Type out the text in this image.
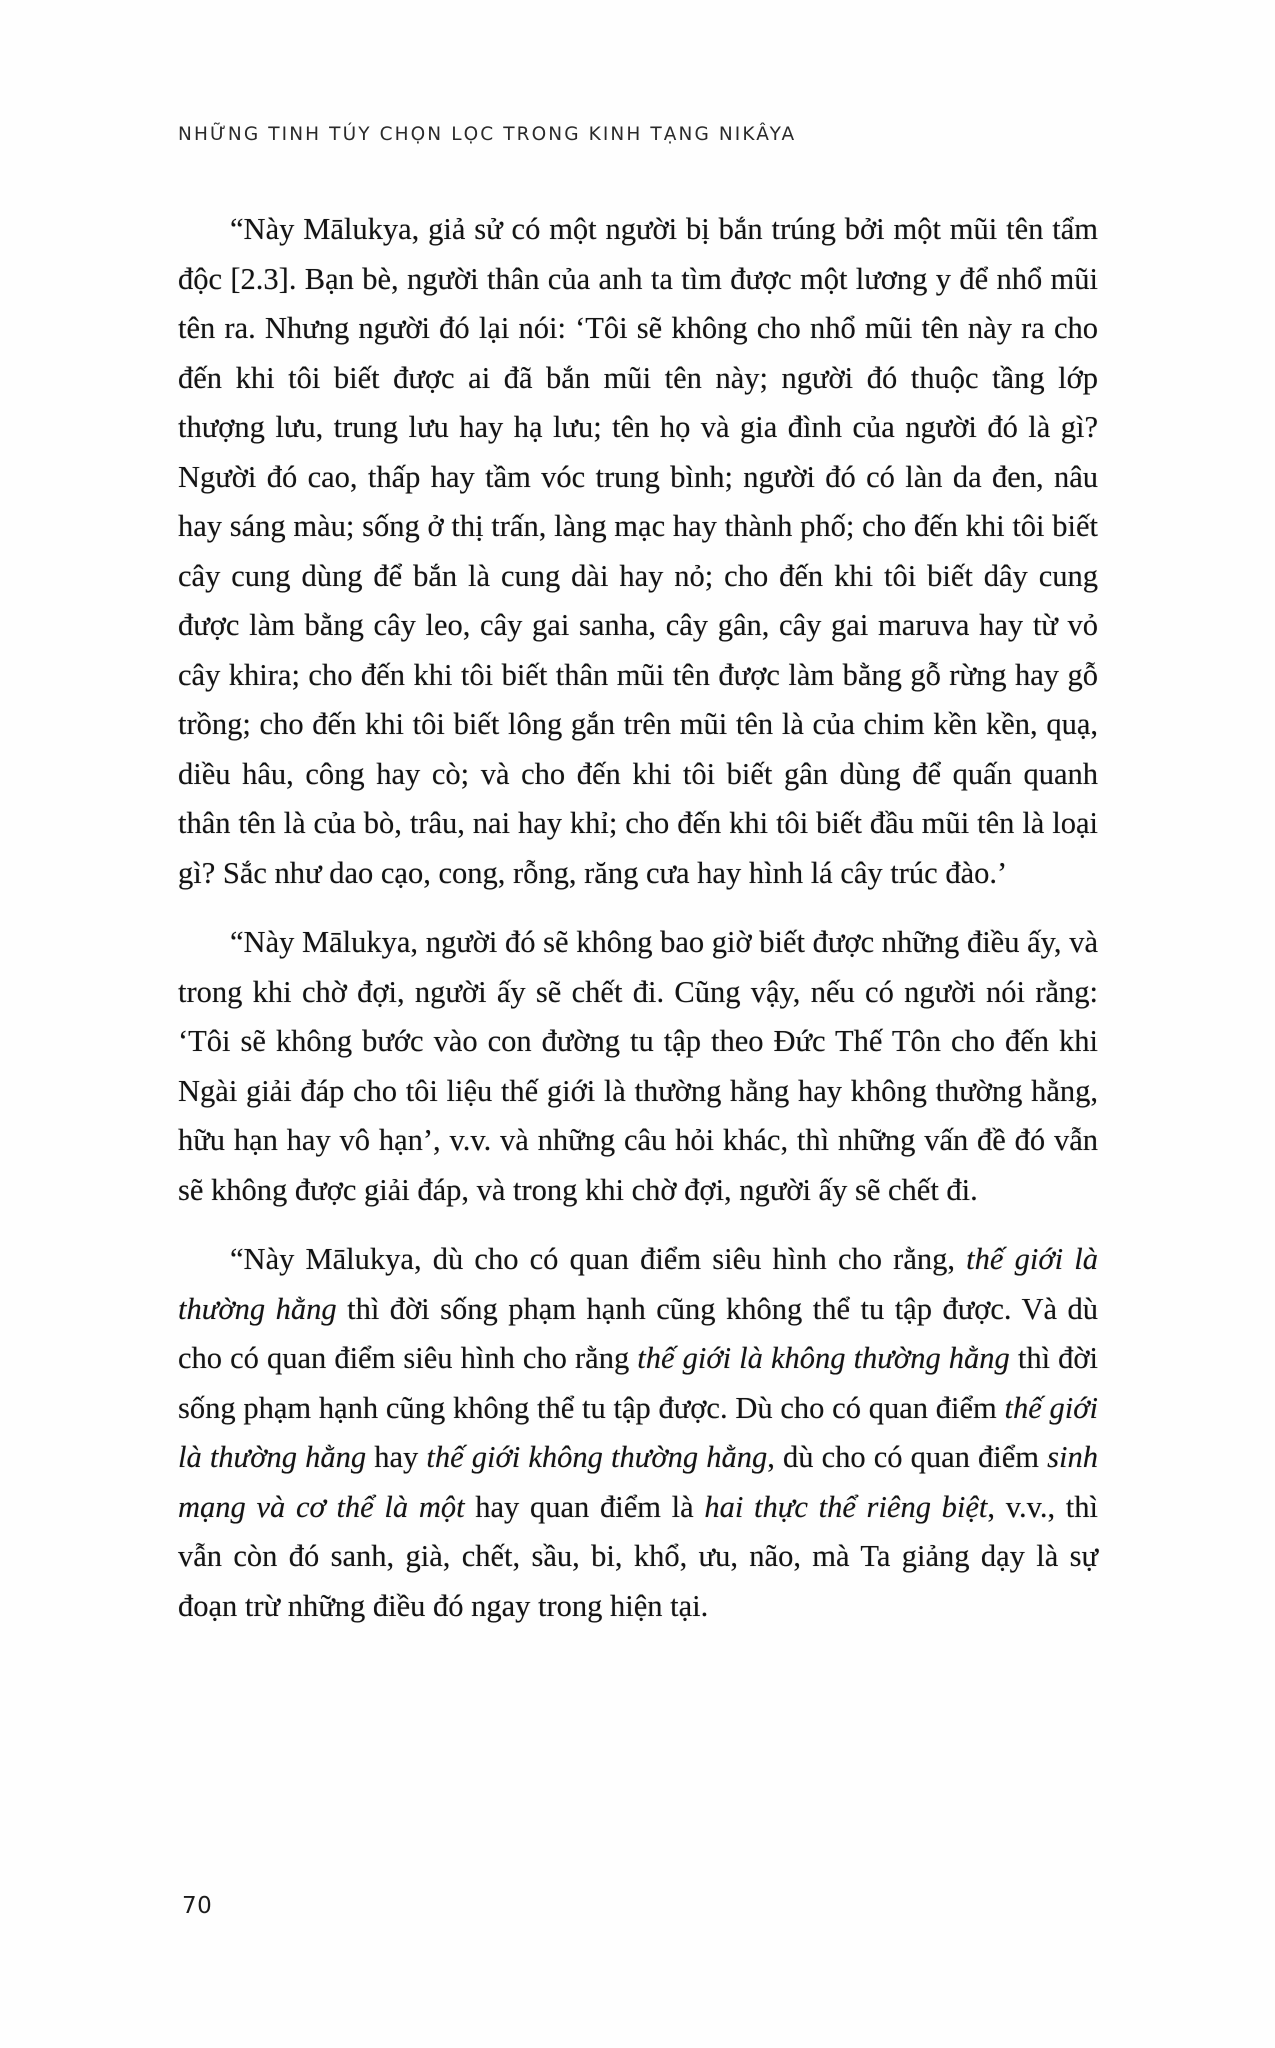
NHỮNG TINH TÚY CHỌN LỌC TRONG KINH TẠNG NIKÂYA

“Này Mālukya, giả sử có một người bị bắn trúng bởi một mũi tên tẩm độc [2.3]. Bạn bè, người thân của anh ta tìm được một lương y để nhổ mũi tên ra. Nhưng người đó lại nói: ‘Tôi sẽ không cho nhổ mũi tên này ra cho đến khi tôi biết được ai đã bắn mũi tên này; người đó thuộc tầng lớp thượng lưu, trung lưu hay hạ lưu; tên họ và gia đình của người đó là gì? Người đó cao, thấp hay tầm vóc trung bình; người đó có làn da đen, nâu hay sáng màu; sống ở thị trấn, làng mạc hay thành phố; cho đến khi tôi biết cây cung dùng để bắn là cung dài hay nỏ; cho đến khi tôi biết dây cung được làm bằng cây leo, cây gai sanha, cây gân, cây gai maruva hay từ vỏ cây khira; cho đến khi tôi biết thân mũi tên được làm bằng gỗ rừng hay gỗ trồng; cho đến khi tôi biết lông gắn trên mũi tên là của chim kền kền, quạ, diều hâu, công hay cò; và cho đến khi tôi biết gân dùng để quấn quanh thân tên là của bò, trâu, nai hay khỉ; cho đến khi tôi biết đầu mũi tên là loại gì? Sắc như dao cạo, cong, rỗng, răng cưa hay hình lá cây trúc đào.’

“Này Mālukya, người đó sẽ không bao giờ biết được những điều ấy, và trong khi chờ đợi, người ấy sẽ chết đi. Cũng vậy, nếu có người nói rằng: ‘Tôi sẽ không bước vào con đường tu tập theo Đức Thế Tôn cho đến khi Ngài giải đáp cho tôi liệu thế giới là thường hằng hay không thường hằng, hữu hạn hay vô hạn’, v.v. và những câu hỏi khác, thì những vấn đề đó vẫn sẽ không được giải đáp, và trong khi chờ đợi, người ấy sẽ chết đi.

“Này Mālukya, dù cho có quan điểm siêu hình cho rằng, thế giới là thường hằng thì đời sống phạm hạnh cũng không thể tu tập được. Và dù cho có quan điểm siêu hình cho rằng thế giới là không thường hằng thì đời sống phạm hạnh cũng không thể tu tập được. Dù cho có quan điểm thế giới là thường hằng hay thế giới không thường hằng, dù cho có quan điểm sinh mạng và cơ thể là một hay quan điểm là hai thực thể riêng biệt, v.v., thì vẫn còn đó sanh, già, chết, sầu, bi, khổ, ưu, não, mà Ta giảng dạy là sự đoạn trừ những điều đó ngay trong hiện tại.

70
